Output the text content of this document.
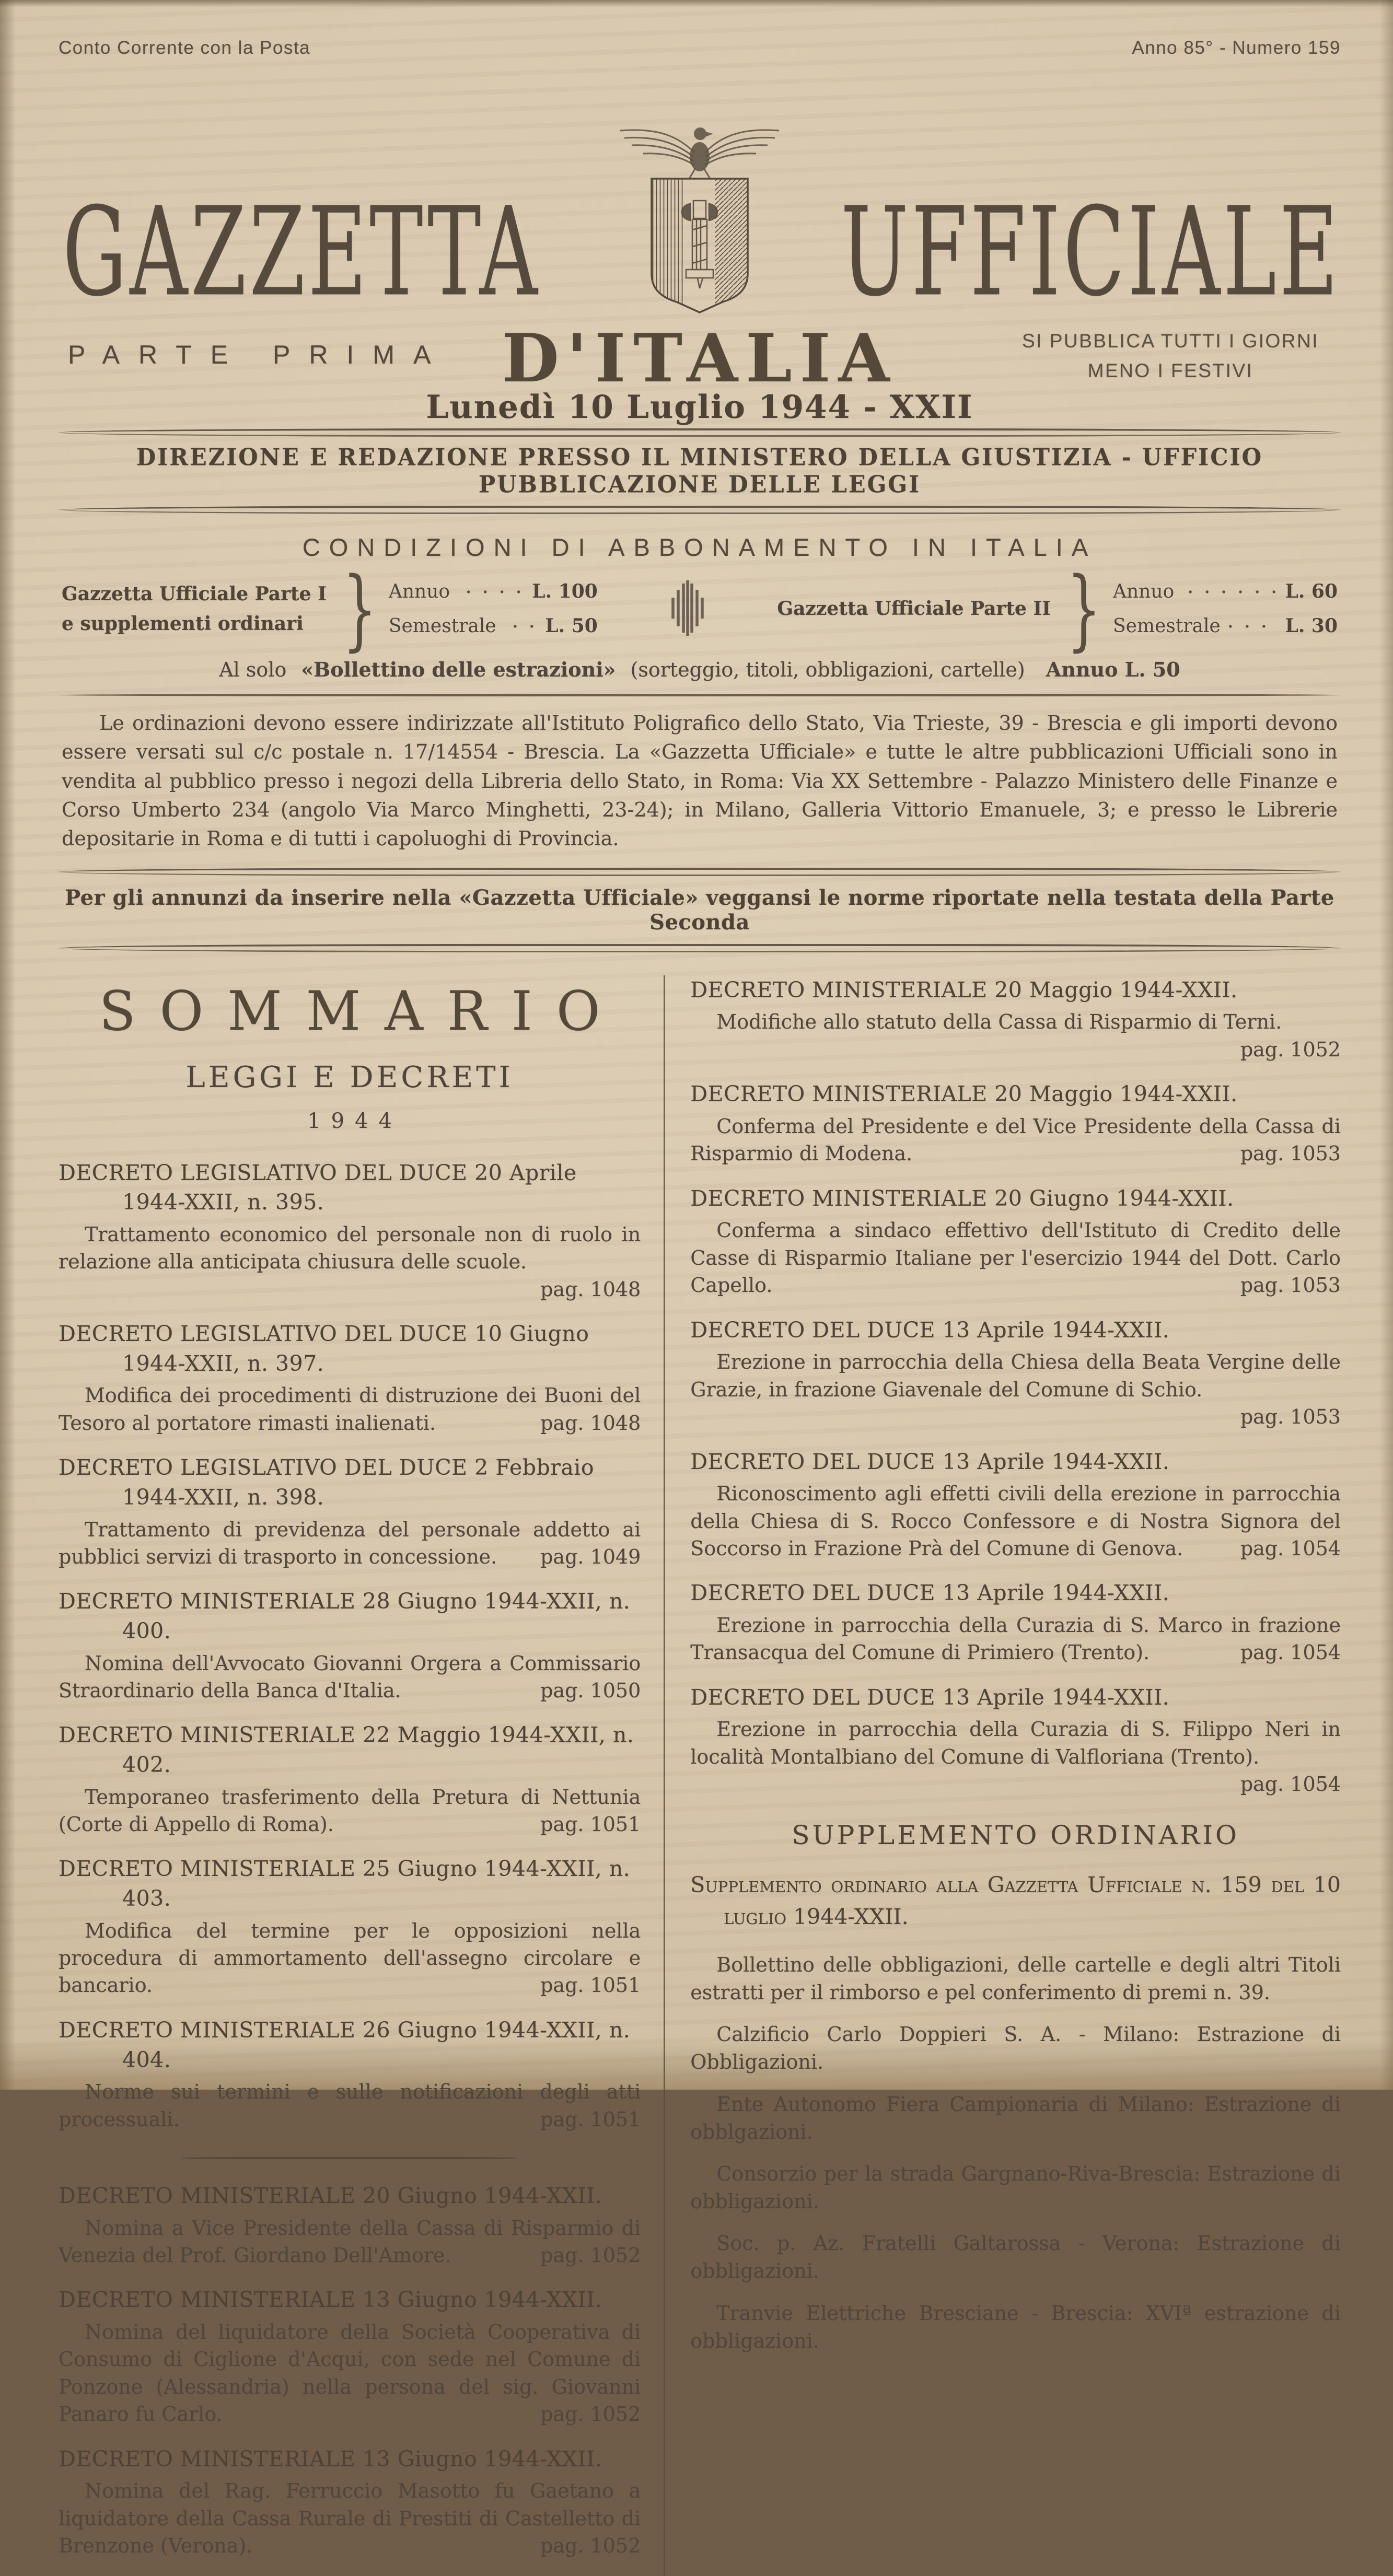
Conto Corrente con la Posta	Anno 85° - Numero 159
GAZZETTA	UFFICIALE
PARTE PRIMA D'ITALIA	SI PUBBLICA TUTTI I GIORNI
MENO I FESTIVI
Lunedì 10 Luglio 1944 - XXII
DIREZIONE E REDAZIONE PRESSO IL MINISTERO DELLA GIUSTIZIA - UFFICIO PUBBLICAZIONE DELLE LEGGI
CONDIZIONI DI ABBONAMENTO IN ITALIA
Gazzetta Ufficiale Parte I
e supplementi ordinari } Annuo	L. 100
Semestrale	L. 50
Gazzetta Ufficiale Parte II } Annuo	L. 60
Semestrale	L. 30
Al solo «Bollettino delle estrazioni» (sorteggio, titoli, obbligazioni, cartelle) Annuo L. 50

Le ordinazioni devono essere indirizzate all'Istituto Poligrafico dello Stato, Via Trieste, 39 - Brescia e gli importi devono essere versati sul c/c postale n. 17/14554 - Brescia. La «Gazzetta Ufficiale» e tutte le altre pubblicazioni Ufficiali sono in vendita al pubblico presso i negozi della Libreria dello Stato, in Roma: Via XX Settembre - Palazzo Ministero delle Finanze e Corso Umberto 234 (angolo Via Marco Minghetti, 23-24); in Milano, Galleria Vittorio Emanuele, 3; e presso le Librerie depositarie in Roma e di tutti i capoluoghi di Provincia.

Per gli annunzi da inserire nella «Gazzetta Ufficiale» veggansi le norme riportate nella testata della Parte Seconda
SOMMARIO
LEGGI E DECRETI
1944
DECRETO LEGISLATIVO DEL DUCE 20 Aprile 1944-XXII, n. 395.
Trattamento economico del personale non di ruolo in relazione alla anticipata chiusura delle scuole.
pag. 1048
DECRETO LEGISLATIVO DEL DUCE 10 Giugno 1944-XXII, n. 397.
Modifica dei procedimenti di distruzione dei Buoni del Tesoro al portatore rimasti inalienati.	pag. 1048
DECRETO LEGISLATIVO DEL DUCE 2 Febbraio 1944-XXII, n. 398.
Trattamento di previdenza del personale addetto ai pubblici servizi di trasporto in concessione.	pag. 1049
DECRETO MINISTERIALE 28 Giugno 1944-XXII, n. 400.
Nomina dell'Avvocato Giovanni Orgera a Commissario Straordinario della Banca d'Italia.	pag. 1050
DECRETO MINISTERIALE 22 Maggio 1944-XXII, n. 402.
Temporaneo trasferimento della Pretura di Nettunia (Corte di Appello di Roma).	pag. 1051
DECRETO MINISTERIALE 25 Giugno 1944-XXII, n. 403.
Modifica del termine per le opposizioni nella procedura di ammortamento dell'assegno circolare e bancario.	pag. 1051
DECRETO MINISTERIALE 26 Giugno 1944-XXII, n. 404.
Norme sui termini e sulle notificazioni degli atti processuali.	pag. 1051
DECRETO MINISTERIALE 20 Giugno 1944-XXII.
Nomina a Vice Presidente della Cassa di Risparmio di Venezia del Prof. Giordano Dell'Amore.	pag. 1052
DECRETO MINISTERIALE 13 Giugno 1944-XXII.
Nomina del liquidatore della Società Cooperativa di Consumo di Ciglione d'Acqui, con sede nel Comune di Ponzone (Alessandria) nella persona del sig. Giovanni Panaro fu Carlo.	pag. 1052
DECRETO MINISTERIALE 13 Giugno 1944-XXII.
Nomina del Rag. Ferruccio Masotto fu Gaetano a liquidatore della Cassa Rurale di Prestiti di Castelletto di Brenzone (Verona).	pag. 1052
DECRETO MINISTERIALE 20 Maggio 1944-XXII.
Modifiche allo statuto della Cassa di Risparmio di Terni.
pag. 1052
DECRETO MINISTERIALE 20 Maggio 1944-XXII.
Conferma del Presidente e del Vice Presidente della Cassa di Risparmio di Modena.	pag. 1053
DECRETO MINISTERIALE 20 Giugno 1944-XXII.
Conferma a sindaco effettivo dell'Istituto di Credito delle Casse di Risparmio Italiane per l'esercizio 1944 del Dott. Carlo Capello.	pag. 1053
DECRETO DEL DUCE 13 Aprile 1944-XXII.
Erezione in parrocchia della Chiesa della Beata Vergine delle Grazie, in frazione Giavenale del Comune di Schio.
pag. 1053
DECRETO DEL DUCE 13 Aprile 1944-XXII.
Riconoscimento agli effetti civili della erezione in parrocchia della Chiesa di S. Rocco Confessore e di Nostra Signora del Soccorso in Frazione Prà del Comune di Genova.	pag. 1054
DECRETO DEL DUCE 13 Aprile 1944-XXII.
Erezione in parrocchia della Curazia di S. Marco in frazione Transacqua del Comune di Primiero (Trento).	pag. 1054
DECRETO DEL DUCE 13 Aprile 1944-XXII.
Erezione in parrocchia della Curazia di S. Filippo Neri in località Montalbiano del Comune di Valfloriana (Trento).
pag. 1054
SUPPLEMENTO ORDINARIO

Supplemento ordinario alla Gazzetta Ufficiale n. 159 del 10 luglio 1944-XXII.

Bollettino delle obbligazioni, delle cartelle e degli altri Titoli estratti per il rimborso e pel conferimento di premi n. 39.

Calzificio Carlo Doppieri S. A. - Milano: Estrazione di Obbligazioni.

Ente Autonomo Fiera Campionaria di Milano: Estrazione di obblgazioni.

Consorzio per la strada Gargnano-Riva-Brescia: Estrazione di obbligazioni.

Soc. p. Az. Fratelli Galtarossa - Verona: Estrazione di obbligazioni.

Tranvie Elettriche Bresciane - Brescia: XVIª estrazione di obbligazioni.
